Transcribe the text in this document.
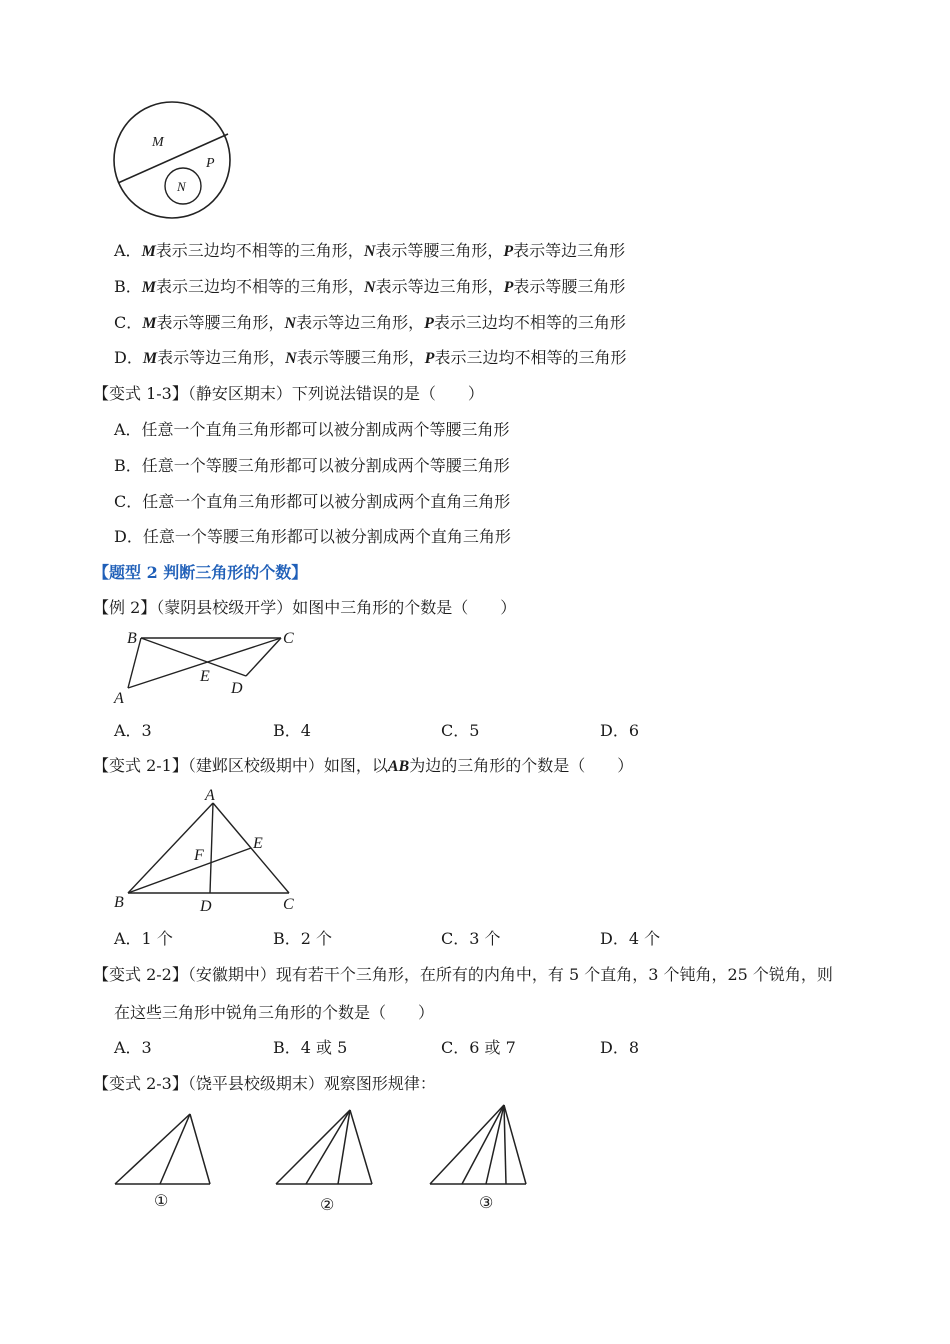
M
N
P
A．M表示三边均不相等的三角形，N表示等腰三角形，P表示等边三角形
B．M表示三边均不相等的三角形，N表示等边三角形，P表示等腰三角形
C．M表示等腰三角形，N表示等边三角形，P表示三边均不相等的三角形
D．M表示等边三角形，N表示等腰三角形，P表示三边均不相等的三角形
【变式 1-3】（静安区期末）下列说法错误的是（　　）
A．任意一个直角三角形都可以被分割成两个等腰三角形
B．任意一个等腰三角形都可以被分割成两个等腰三角形
C．任意一个直角三角形都可以被分割成两个直角三角形
D．任意一个等腰三角形都可以被分割成两个直角三角形
【题型 2 判断三角形的个数】
【例 2】（蒙阴县校级开学）如图中三角形的个数是（　　）
B	C
E
D
A
A．3	B．4	C．5	D．6
【变式 2-1】（建邺区校级期中）如图，以AB为边的三角形的个数是（　　）
A
E
F
B	D	C
A．1 个	B．2 个	C．3 个	D．4 个
【变式 2-2】（安徽期中）现有若干个三角形，在所有的内角中，有 5 个直角，3 个钝角，25 个锐角，则
在这些三角形中锐角三角形的个数是（　　）
A．3	B．4 或 5	C．6 或 7	D．8
【变式 2-3】（饶平县校级期末）观察图形规律：
①	②	③
